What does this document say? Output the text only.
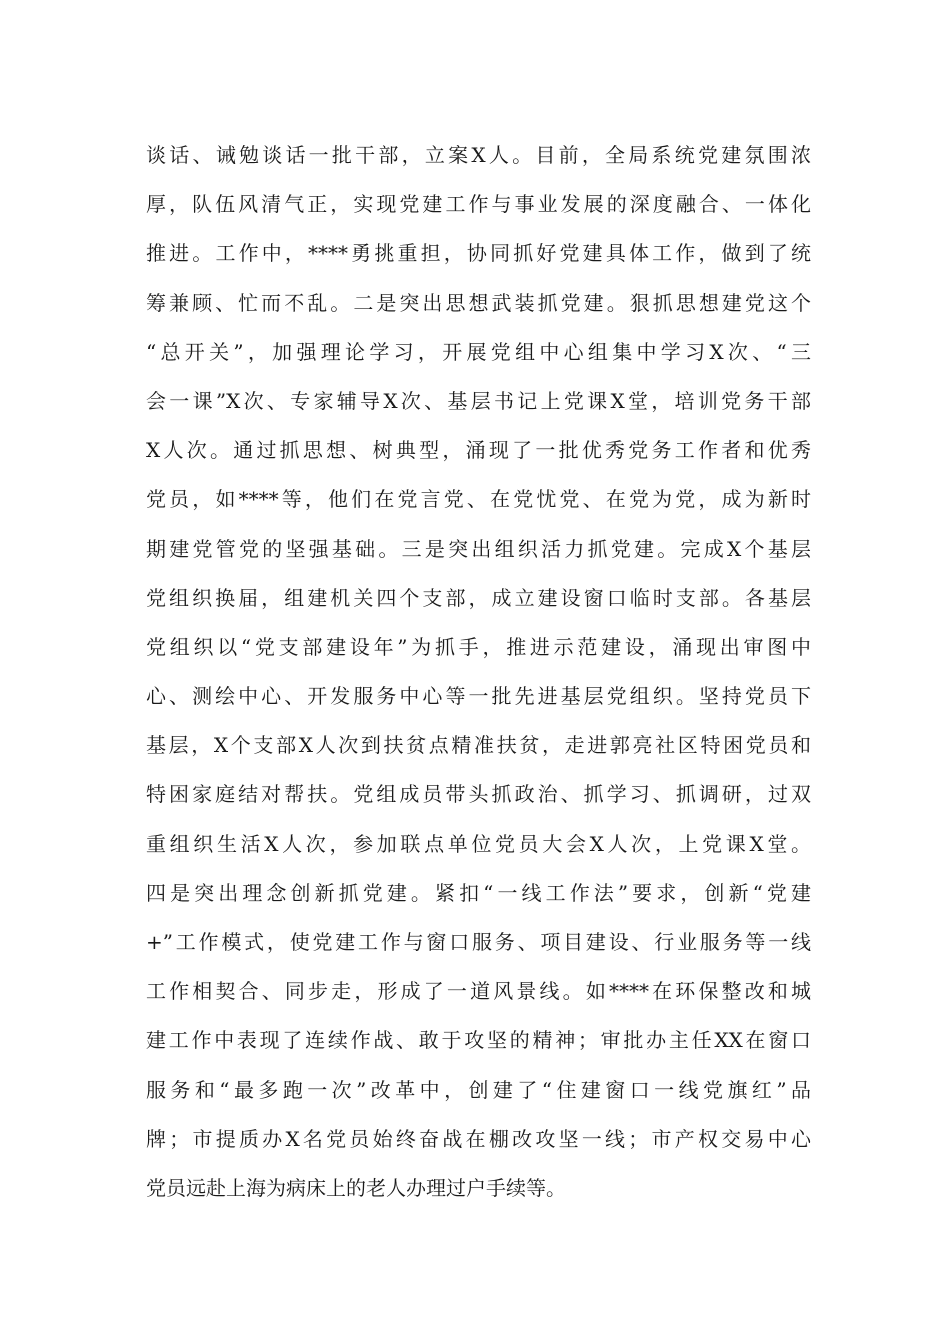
谈话、诫勉谈话一批干部，立案X人。目前，全局系统党建氛围浓
厚，队伍风清气正，实现党建工作与事业发展的深度融合、一体化
推进。工作中，****勇挑重担，协同抓好党建具体工作，做到了统
筹兼顾、忙而不乱。二是突出思想武装抓党建。狠抓思想建党这个
“总开关”，加强理论学习，开展党组中心组集中学习X次、“三
会一课”X次、专家辅导X次、基层书记上党课X堂，培训党务干部
X人次。通过抓思想、树典型，涌现了一批优秀党务工作者和优秀
党员，如****等，他们在党言党、在党忧党、在党为党，成为新时
期建党管党的坚强基础。三是突出组织活力抓党建。完成X个基层
党组织换届，组建机关四个支部，成立建设窗口临时支部。各基层
党组织以“党支部建设年”为抓手，推进示范建设，涌现出审图中
心、测绘中心、开发服务中心等一批先进基层党组织。坚持党员下
基层，X个支部X人次到扶贫点精准扶贫，走进郭亮社区特困党员和
特困家庭结对帮扶。党组成员带头抓政治、抓学习、抓调研，过双
重组织生活X人次，参加联点单位党员大会X人次，上党课X堂。
四是突出理念创新抓党建。紧扣“一线工作法”要求，创新“党建
+”工作模式，使党建工作与窗口服务、项目建设、行业服务等一线
工作相契合、同步走，形成了一道风景线。如****在环保整改和城
建工作中表现了连续作战、敢于攻坚的精神；审批办主任XX在窗口
服务和“最多跑一次”改革中，创建了“住建窗口一线党旗红”品
牌；市提质办X名党员始终奋战在棚改攻坚一线；市产权交易中心
党员远赴上海为病床上的老人办理过户手续等。
